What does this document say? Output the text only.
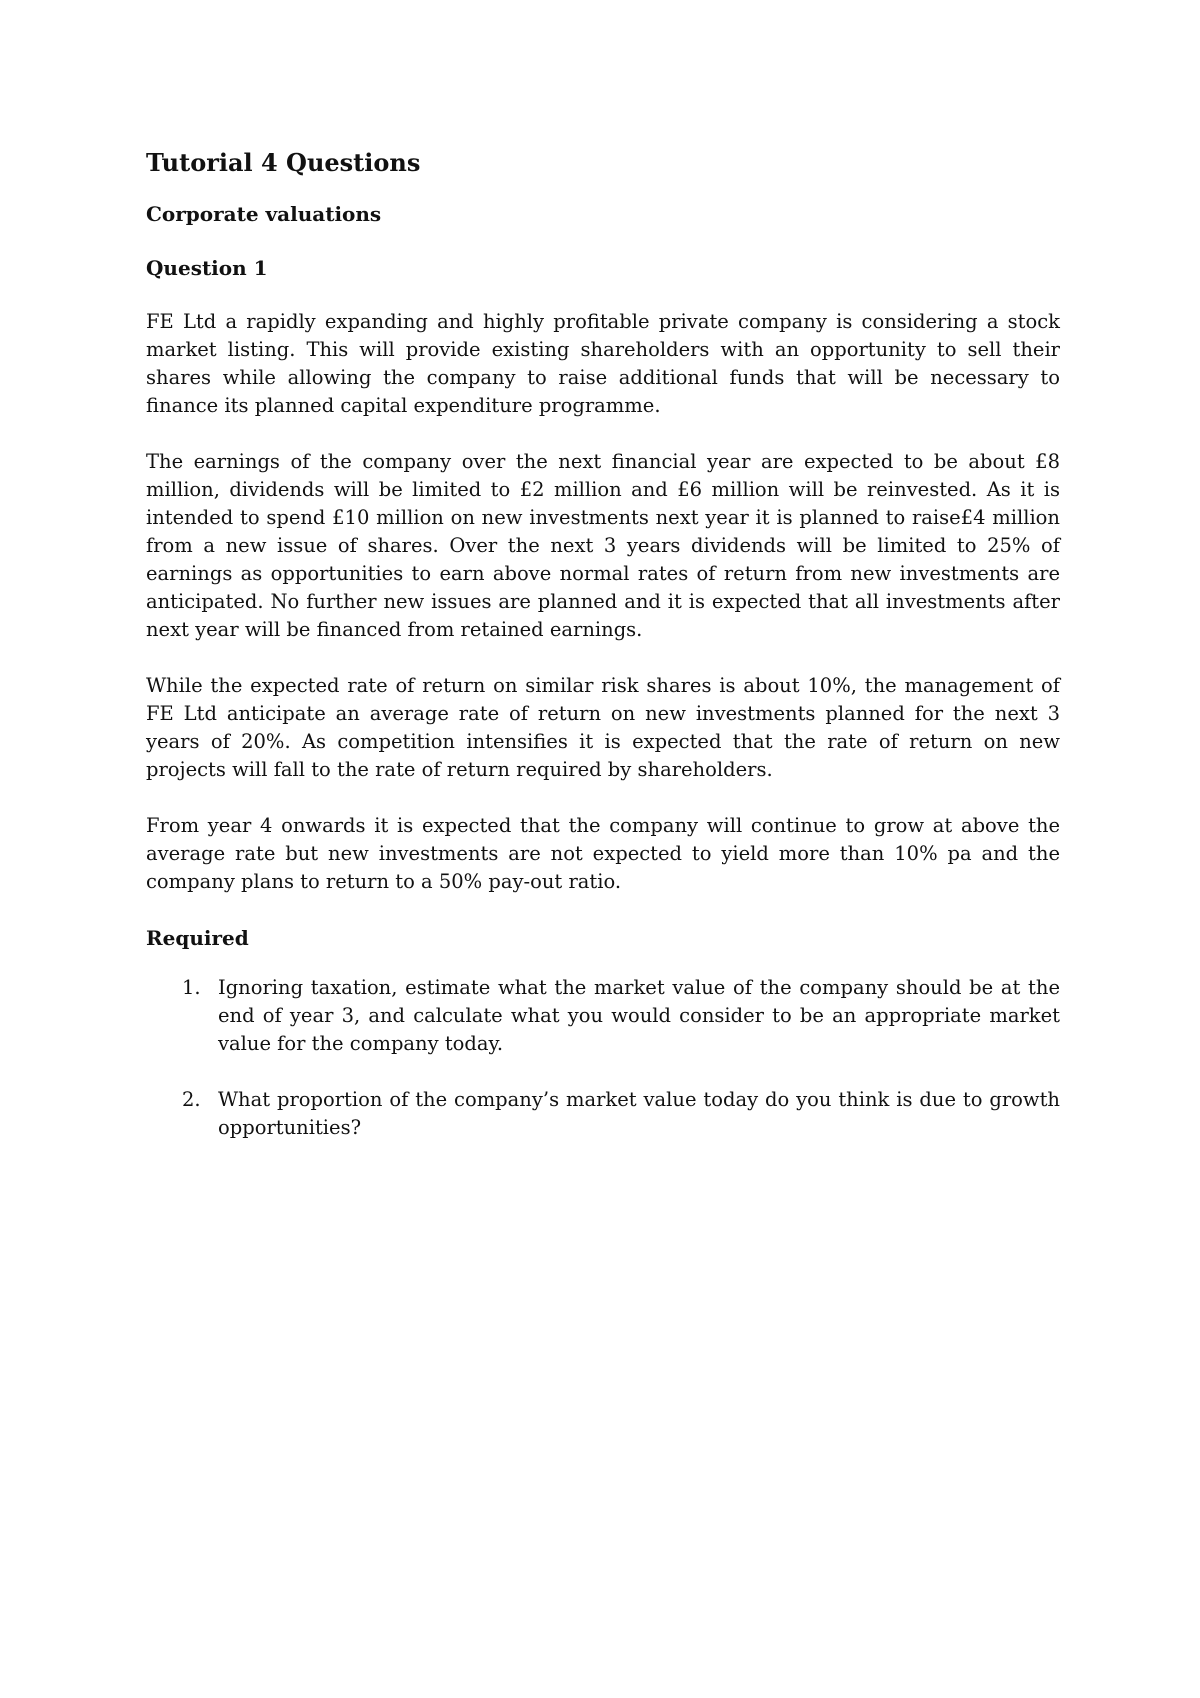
Tutorial 4 Questions
Corporate valuations
Question 1

FE Ltd a rapidly expanding and highly profitable private company is considering a stock market listing. This will provide existing shareholders with an opportunity to sell their shares while allowing the company to raise additional funds that will be necessary to finance its planned capital expenditure programme.

The earnings of the company over the next financial year are expected to be about £8 million, dividends will be limited to £2 million and £6 million will be reinvested. As it is intended to spend £10 million on new investments next year it is planned to raise£4 million from a new issue of shares. Over the next 3 years dividends will be limited to 25% of earnings as opportunities to earn above normal rates of return from new investments are anticipated. No further new issues are planned and it is expected that all investments after next year will be financed from retained earnings.

While the expected rate of return on similar risk shares is about 10%, the management of FE Ltd anticipate an average rate of return on new investments planned for the next 3 years of 20%. As competition intensifies it is expected that the rate of return on new projects will fall to the rate of return required by shareholders.

From year 4 onwards it is expected that the company will continue to grow at above the average rate but new investments are not expected to yield more than 10% pa and the company plans to return to a 50% pay-out ratio.

Required
1. Ignoring taxation, estimate what the market value of the company should be at the end of year 3, and calculate what you would consider to be an appropriate market value for the company today.
2. What proportion of the company’s market value today do you think is due to growth opportunities?
